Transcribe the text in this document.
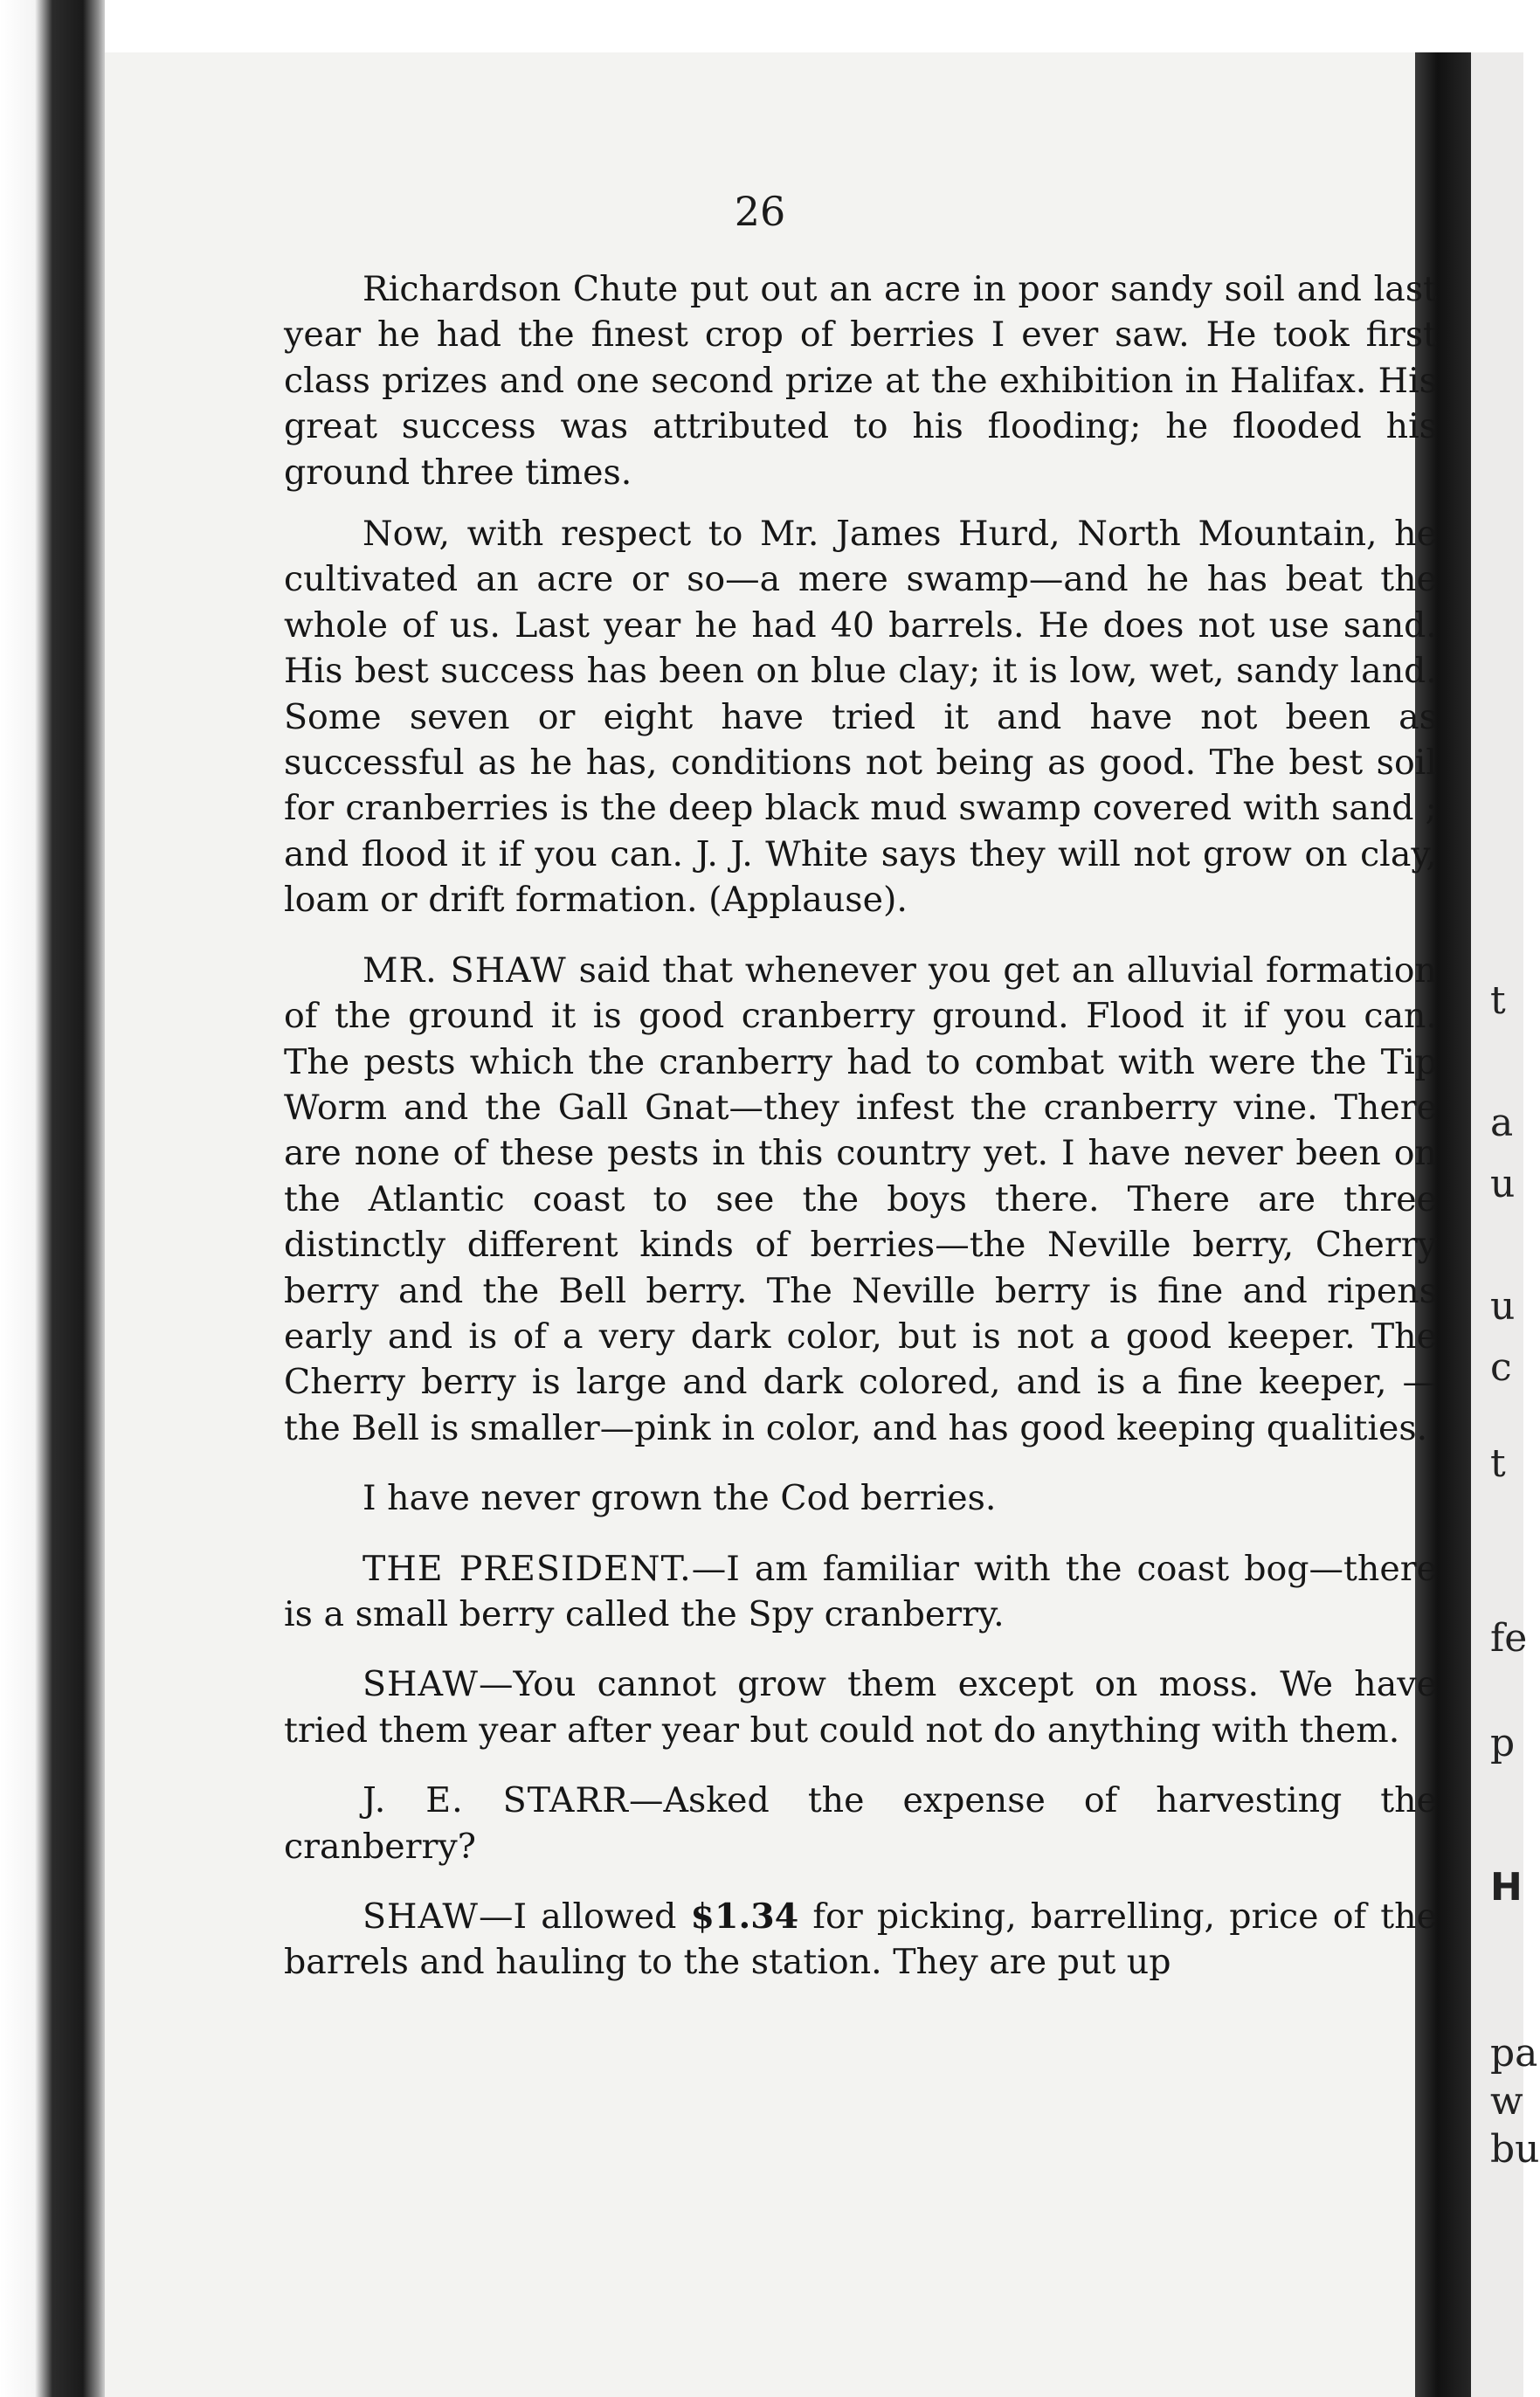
t
a
u
u
c
t
fe
p
H
pa
w
bu
26

Richardson Chute put out an acre in poor sandy soil and last year he had the finest crop of berries I ever saw. He took first class prizes and one second prize at the exhibition in Halifax. His great success was attributed to his flooding; he flooded his ground three times.

Now, with respect to Mr. James Hurd, North Mountain, he cultivated an acre or so—a mere swamp—and he has beat the whole of us. Last year he had 40 barrels. He does not use sand. His best success has been on blue clay; it is low, wet, sandy land. Some seven or eight have tried it and have not been as successful as he has, conditions not being as good. The best soil for cranberries is the deep black mud swamp covered with sand ; and flood it if you can. J. J. White says they will not grow on clay, loam or drift formation. (Applause).

MR. SHAW said that whenever you get an alluvial formation of the ground it is good cranberry ground. Flood it if you can. The pests which the cranberry had to combat with were the Tip Worm and the Gall Gnat—they infest the cranberry vine. There are none of these pests in this country yet. I have never been on the Atlantic coast to see the boys there. There are three distinctly different kinds of berries—the Neville berry, Cherry berry and the Bell berry. The Neville berry is fine and ripens early and is of a very dark color, but is not a good keeper. The Cherry berry is large and dark colored, and is a fine keeper, —the Bell is smaller—pink in color, and has good keeping qualities.

I have never grown the Cod berries.

THE PRESIDENT.—I am familiar with the coast bog—there is a small berry called the Spy cranberry.

SHAW—You cannot grow them except on moss. We have tried them year after year but could not do anything with them.

J. E. STARR—Asked the expense of harvesting the cranberry?

SHAW—I allowed $1.34 for picking, barrelling, price of the barrels and hauling to the station. They are put up
